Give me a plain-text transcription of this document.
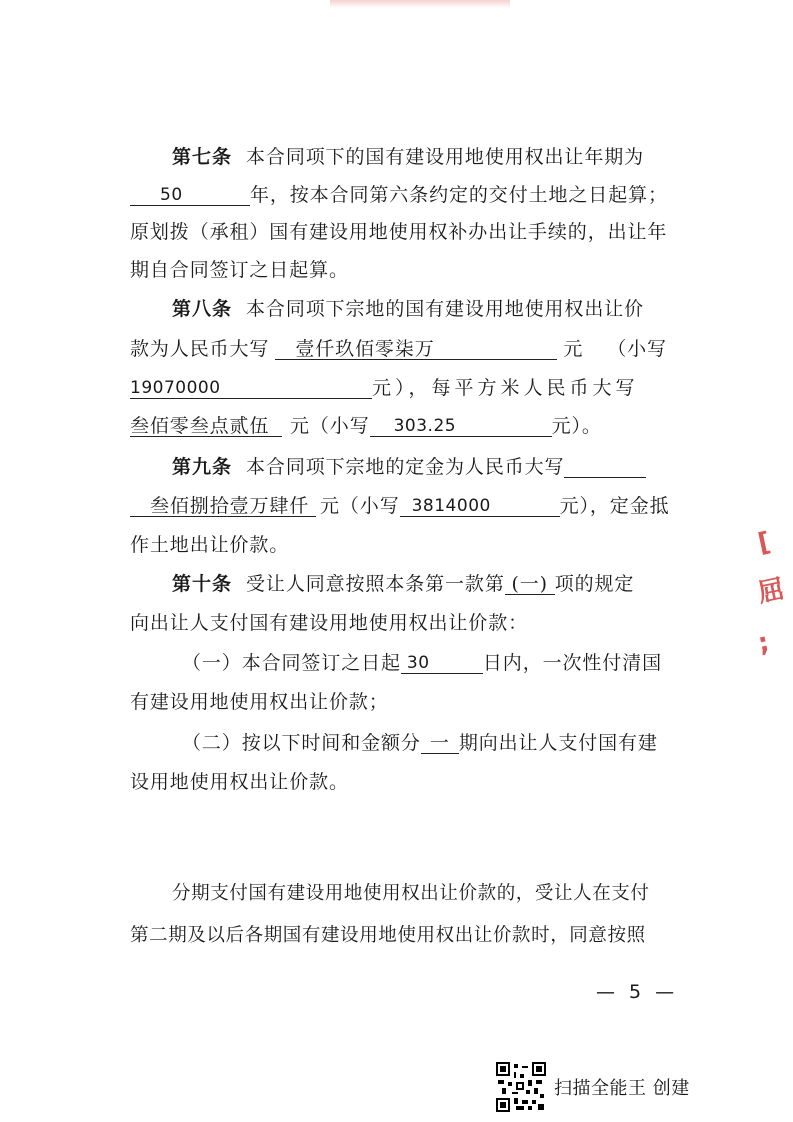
第七条 本合同项下的国有建设用地使用权出让年期为
50	年，按本合同第六条约定的交付土地之日起算；
原划拨（承租）国有建设用地使用权补办出让手续的，出让年
期自合同签订之日起算。
第八条 本合同项下宗地的国有建设用地使用权出让价
款为人民币大写 壹仟玖佰零柒万	元 （小写
19070000	元），每平方米人民币大写
叁佰零叁点贰伍 元（小写 303.25	元）。
第九条 本合同项下宗地的定金为人民币大写
叁佰捌拾壹万肆仟 元（小写 3814000	元），定金抵
作土地出让价款。
第十条 受让人同意按照本条第一款第 (一) 项的规定
向出让人支付国有建设用地使用权出让价款：
（一）本合同签订之日起 30	日内，一次性付清国
有建设用地使用权出让价款；
（二）按以下时间和金额分 一 期向出让人支付国有建
设用地使用权出让价款。
分期支付国有建设用地使用权出让价款的，受让人在支付
第二期及以后各期国有建设用地使用权出让价款时，同意按照
— 5 —
[
屈
;
扫描全能王 创建
